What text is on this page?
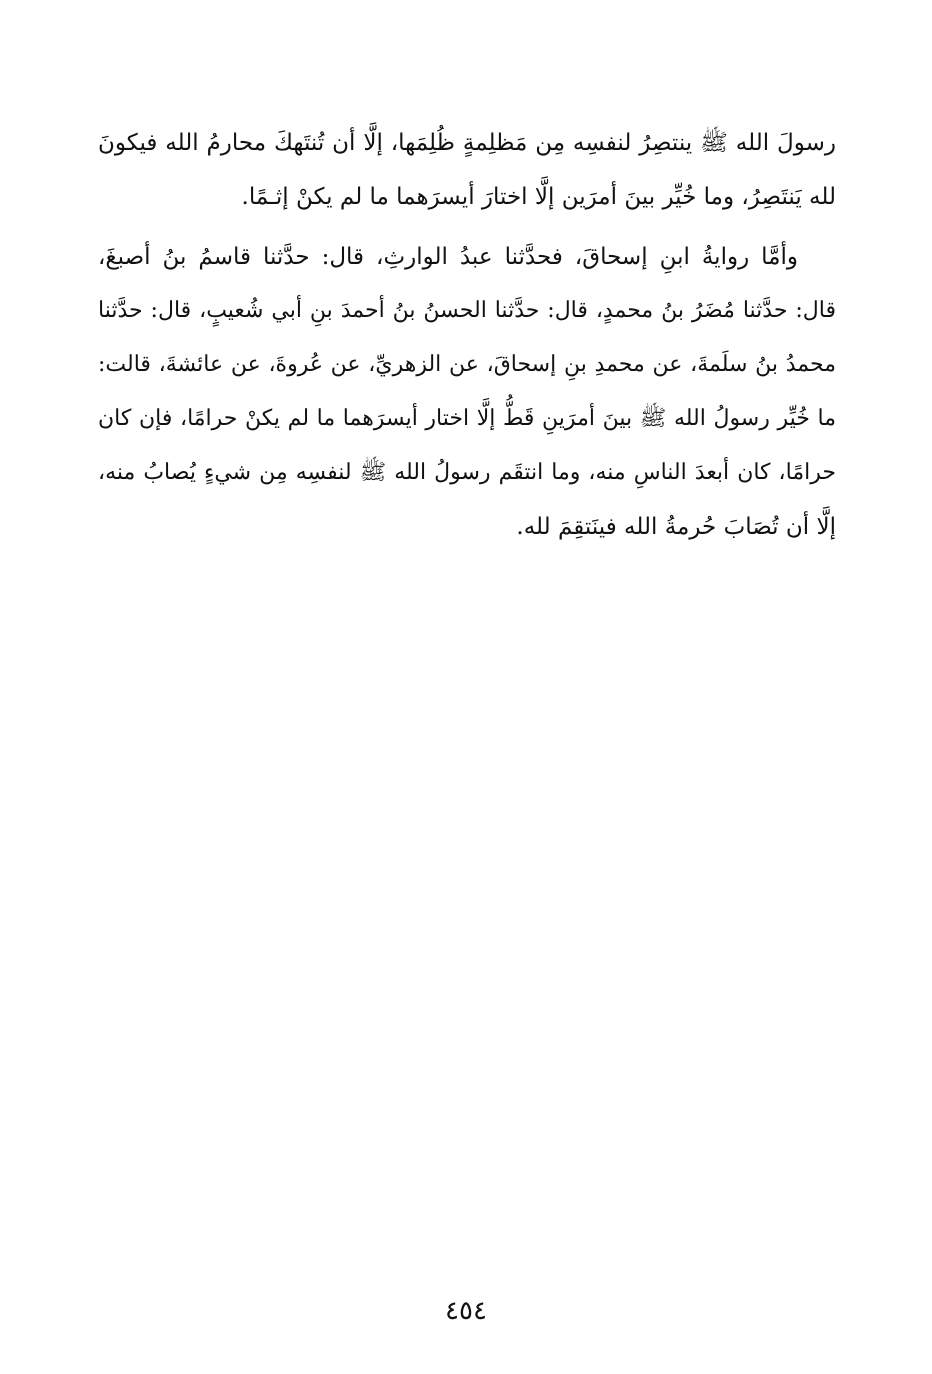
رسولَ الله ﷺ ينتصِرُ لنفسِه مِن مَظلِمةٍ ظُلِمَها، إلَّا أن تُنتَهكَ محارمُ الله فيكونَ
لله يَنتَصِرُ، وما خُيِّر بينَ أمرَين إلَّا اختارَ أيسرَهما ما لم يكنْ إثـمًا.
وأمَّا روايةُ ابنِ إسحاقَ، فحدَّثنا عبدُ الوارثِ، قال: حدَّثنا قاسمُ بنُ أصبغَ،
قال: حدَّثنا مُضَرُ بنُ محمدٍ، قال: حدَّثنا الحسنُ بنُ أحمدَ بنِ أبي شُعيبٍ، قال: حدَّثنا
محمدُ بنُ سلَمةَ، عن محمدِ بنِ إسحاقَ، عن الزهريِّ، عن عُروةَ، عن عائشةَ، قالت:
ما خُيِّر رسولُ الله ﷺ بينَ أمرَينِ قَطُّ إلَّا اختار أيسرَهما ما لم يكنْ حرامًا، فإن كان
حرامًا، كان أبعدَ الناسِ منه، وما انتقَم رسولُ الله ﷺ لنفسِه مِن شيءٍ يُصابُ منه،
إلَّا أن تُصَابَ حُرمةُ الله فينَتقِمَ لله.
٤٥٤
